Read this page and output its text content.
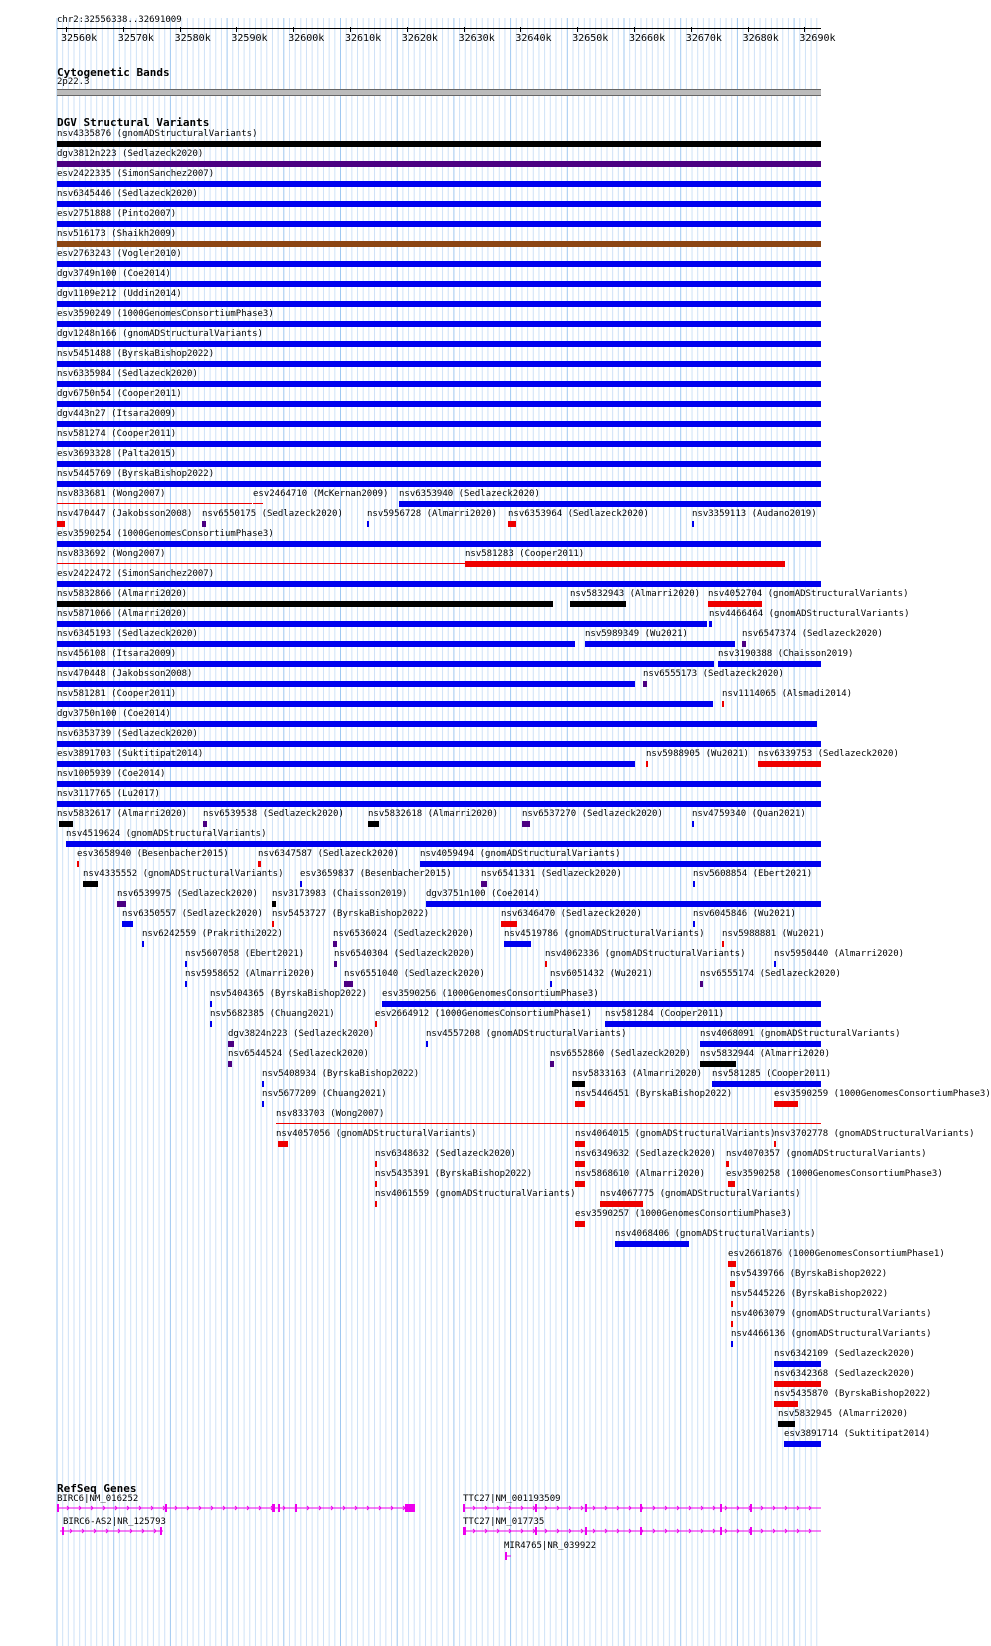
chr2:32556338..32691009
32560k 32570k 32580k 32590k 32600k 32610k 32620k 32630k 32640k 32650k 32660k 32670k 32680k 32690k
Cytogenetic Bands
2p22.3
DGV Structural Variants
nsv4335876 (gnomADStructuralVariants)
dgv3812n223 (Sedlazeck2020)
esv2422335 (SimonSanchez2007)
nsv6345446 (Sedlazeck2020)
esv2751888 (Pinto2007)
nsv516173 (Shaikh2009)
esv2763243 (Vogler2010)
dgv3749n100 (Coe2014)
dgv1109e212 (Uddin2014)
esv3590249 (1000GenomesConsortiumPhase3)
dgv1248n166 (gnomADStructuralVariants)
nsv5451488 (ByrskaBishop2022)
nsv6335984 (Sedlazeck2020)
dgv6750n54 (Cooper2011)
dgv443n27 (Itsara2009)
nsv581274 (Cooper2011)
esv3693328 (Palta2015)
nsv5445769 (ByrskaBishop2022)
nsv833681 (Wong2007)	esv2464710 (McKernan2009) nsv6353940 (Sedlazeck2020)
nsv470447 (Jakobsson2008) nsv6550175 (Sedlazeck2020)	nsv5956728 (Almarri2020) nsv6353964 (Sedlazeck2020)	nsv3359113 (Audano2019)
esv3590254 (1000GenomesConsortiumPhase3)
nsv833692 (Wong2007)	nsv581283 (Cooper2011)
esv2422472 (SimonSanchez2007)
nsv5832866 (Almarri2020)	nsv5832943 (Almarri2020) nsv4052704 (gnomADStructuralVariants)
nsv5871066 (Almarri2020)	nsv4466464 (gnomADStructuralVariants)
nsv6345193 (Sedlazeck2020)	nsv5989349 (Wu2021)	nsv6547374 (Sedlazeck2020)
nsv456108 (Itsara2009)	nsv3190388 (Chaisson2019)
nsv470448 (Jakobsson2008)	nsv6555173 (Sedlazeck2020)
nsv581281 (Cooper2011)	nsv1114065 (Alsmadi2014)
dgv3750n100 (Coe2014)
nsv6353739 (Sedlazeck2020)
esv3891703 (Suktitipat2014)	nsv5988905 (Wu2021) nsv6339753 (Sedlazeck2020)
nsv1005939 (Coe2014)
nsv3117765 (Lu2017)
nsv5832617 (Almarri2020) nsv6539538 (Sedlazeck2020)	nsv5832618 (Almarri2020)	nsv6537270 (Sedlazeck2020)	nsv4759340 (Quan2021)
nsv4519624 (gnomADStructuralVariants)
esv3658940 (Besenbacher2015)	nsv6347587 (Sedlazeck2020) nsv4059494 (gnomADStructuralVariants)
nsv4335552 (gnomADStructuralVariants) esv3659837 (Besenbacher2015)	nsv6541331 (Sedlazeck2020)	nsv5608854 (Ebert2021)
nsv6539975 (Sedlazeck2020) nsv3173983 (Chaisson2019) dgv3751n100 (Coe2014)
nsv6350557 (Sedlazeck2020) nsv5453727 (ByrskaBishop2022)	nsv6346470 (Sedlazeck2020)	nsv6045846 (Wu2021)
nsv6242559 (Prakrithi2022)	nsv6536024 (Sedlazeck2020)	nsv4519786 (gnomADStructuralVariants) nsv5988881 (Wu2021)
nsv5607058 (Ebert2021)	nsv6540304 (Sedlazeck2020)	nsv4062336 (gnomADStructuralVariants)	nsv5950440 (Almarri2020)
nsv5958652 (Almarri2020)	nsv6551040 (Sedlazeck2020)	nsv6051432 (Wu2021)	nsv6555174 (Sedlazeck2020)
nsv5404365 (ByrskaBishop2022) esv3590256 (1000GenomesConsortiumPhase3)
nsv5682385 (Chuang2021)	esv2664912 (1000GenomesConsortiumPhase1) nsv581284 (Cooper2011)
dgv3824n223 (Sedlazeck2020)	nsv4557208 (gnomADStructuralVariants)	nsv4068091 (gnomADStructuralVariants)
nsv6544524 (Sedlazeck2020)	nsv6552860 (Sedlazeck2020) nsv5832944 (Almarri2020)
nsv5408934 (ByrskaBishop2022)	nsv5833163 (Almarri2020) nsv581285 (Cooper2011)
nsv5677209 (Chuang2021)	nsv5446451 (ByrskaBishop2022)	esv3590259 (1000GenomesConsortiumPhase3)
nsv833703 (Wong2007)
nsv4057056 (gnomADStructuralVariants)	nsv4064015 (gnomADStructuralVariants)
nsv3702778 (gnomADStructuralVariants)
nsv6348632 (Sedlazeck2020)	nsv6349632 (Sedlazeck2020) nsv4070357 (gnomADStructuralVariants)
nsv5435391 (ByrskaBishop2022)	nsv5868610 (Almarri2020) esv3590258 (1000GenomesConsortiumPhase3)
nsv4061559 (gnomADStructuralVariants)	nsv4067775 (gnomADStructuralVariants)
esv3590257 (1000GenomesConsortiumPhase3)
nsv4068406 (gnomADStructuralVariants)
esv2661876 (1000GenomesConsortiumPhase1)
nsv5439766 (ByrskaBishop2022)
nsv5445226 (ByrskaBishop2022)
nsv4063079 (gnomADStructuralVariants)
nsv4466136 (gnomADStructuralVariants)
nsv6342109 (Sedlazeck2020)
nsv6342368 (Sedlazeck2020)
nsv5435870 (ByrskaBishop2022)
nsv5832945 (Almarri2020)
esv3891714 (Suktitipat2014)
RefSeq Genes
BIRC6|NM_016252
BIRC6-AS2|NR_125793
TTC27|NM_001193509
TTC27|NM_017735
MIR4765|NR_039922
